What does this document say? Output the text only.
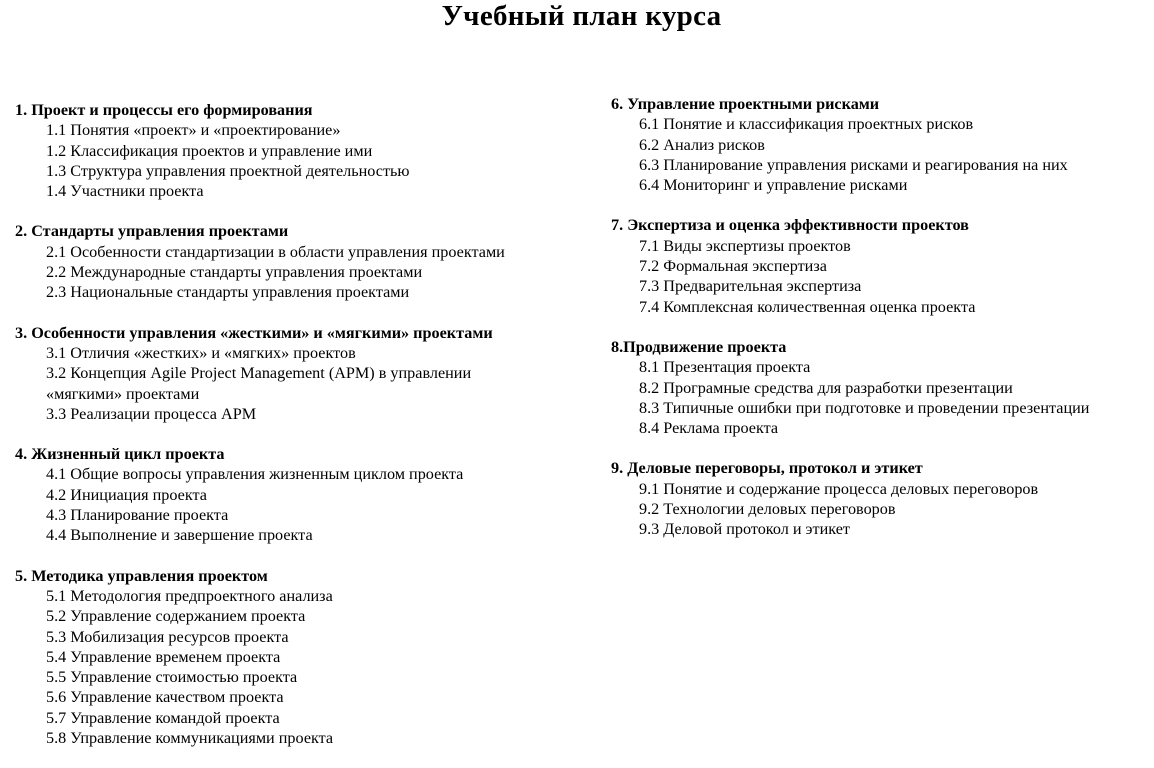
Учебный план курса
1. Проект и процессы его формирования
1.1 Понятия «проект» и «проектирование»
1.2 Классификация проектов и управление ими
1.3 Структура управления проектной деятельностью
1.4 Участники проекта
2. Стандарты управления проектами
2.1 Особенности стандартизации в области управления проектами
2.2 Международные стандарты управления проектами
2.3 Национальные стандарты управления проектами
3. Особенности управления «жесткими» и «мягкими» проектами
3.1 Отличия «жестких» и «мягких» проектов
3.2 Концепция Agile Project Management (APM) в управлении «мягкими» проектами
3.3 Реализации процесса APM
4. Жизненный цикл проекта
4.1 Общие вопросы управления жизненным циклом проекта
4.2 Инициация проекта
4.3 Планирование проекта
4.4 Выполнение и завершение проекта
5. Методика управления проектом
5.1 Методология предпроектного анализа
5.2 Управление содержанием проекта
5.3 Мобилизация ресурсов проекта
5.4 Управление временем проекта
5.5 Управление стоимостью проекта
5.6 Управление качеством проекта
5.7 Управление командой проекта
5.8 Управление коммуникациями проекта
6. Управление проектными рисками
6.1 Понятие и классификация проектных рисков
6.2 Анализ рисков
6.3 Планирование управления рисками и реагирования на них
6.4 Мониторинг и управление рисками
7. Экспертиза и оценка эффективности проектов
7.1 Виды экспертизы проектов
7.2 Формальная экспертиза
7.3 Предварительная экспертиза
7.4 Комплексная количественная оценка проекта
8.Продвижение проекта
8.1 Презентация проекта
8.2 Програмные средства для разработки презентации
8.3 Типичные ошибки при подготовке и проведении презентации
8.4 Реклама проекта
9. Деловые переговоры, протокол и этикет
9.1 Понятие и содержание процесса деловых переговоров
9.2 Технологии деловых переговоров
9.3 Деловой протокол и этикет
